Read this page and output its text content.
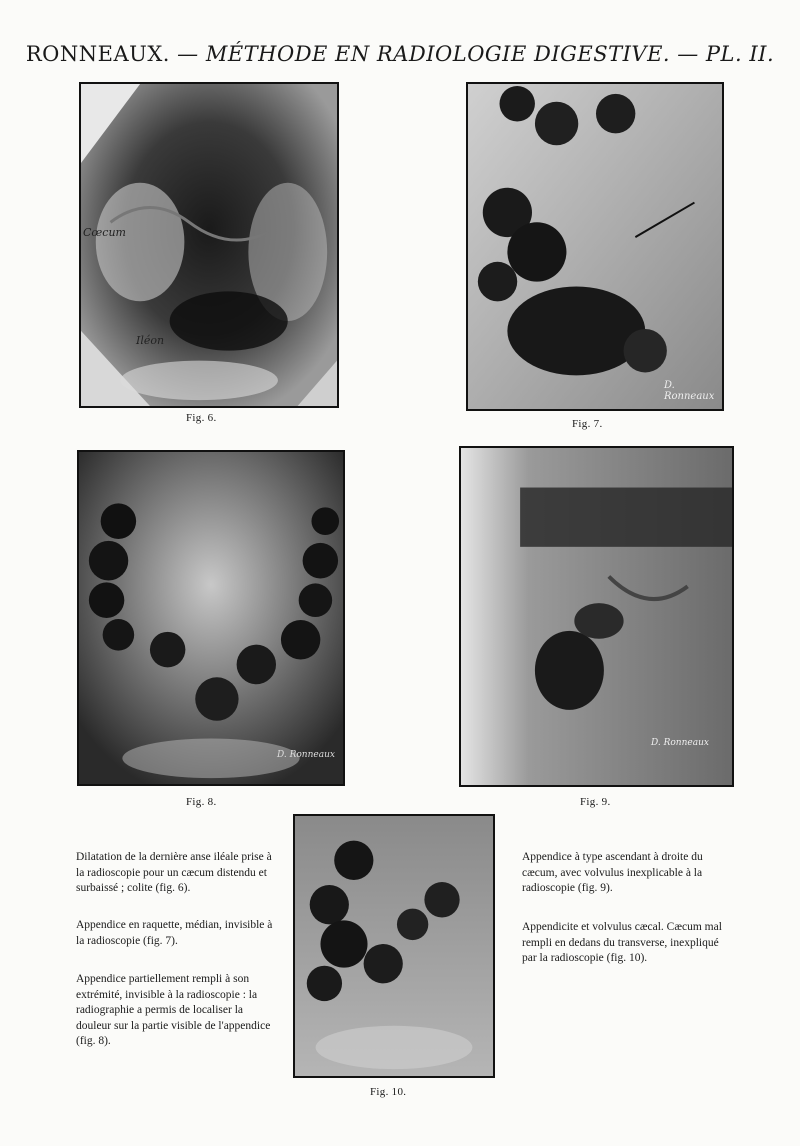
RONNEAUX. — MÉTHODE EN RADIOLOGIE DIGESTIVE. — PL. II.
Cœcum
Iléon
Fig. 6.
D. Ronneaux
Fig. 7.
D. Ronneaux
Fig. 8.
D. Ronneaux
Fig. 9.
Fig. 10.

Dilatation de la dernière anse iléale prise à la radioscopie pour un cæcum distendu et surbaissé ; colite (fig. 6).

Appendice en raquette, médian, invisible à la radioscopie (fig. 7).

Appendice partiellement rempli à son extrémité, invisible à la radioscopie : la radiographie a permis de localiser la douleur sur la partie visible de l'appendice (fig. 8).

Appendice à type ascendant à droite du cæcum, avec volvulus inexplicable à la radioscopie (fig. 9).

Appendicite et volvulus cæcal. Cæcum mal rempli en dedans du transverse, inexpliqué par la radioscopie (fig. 10).
